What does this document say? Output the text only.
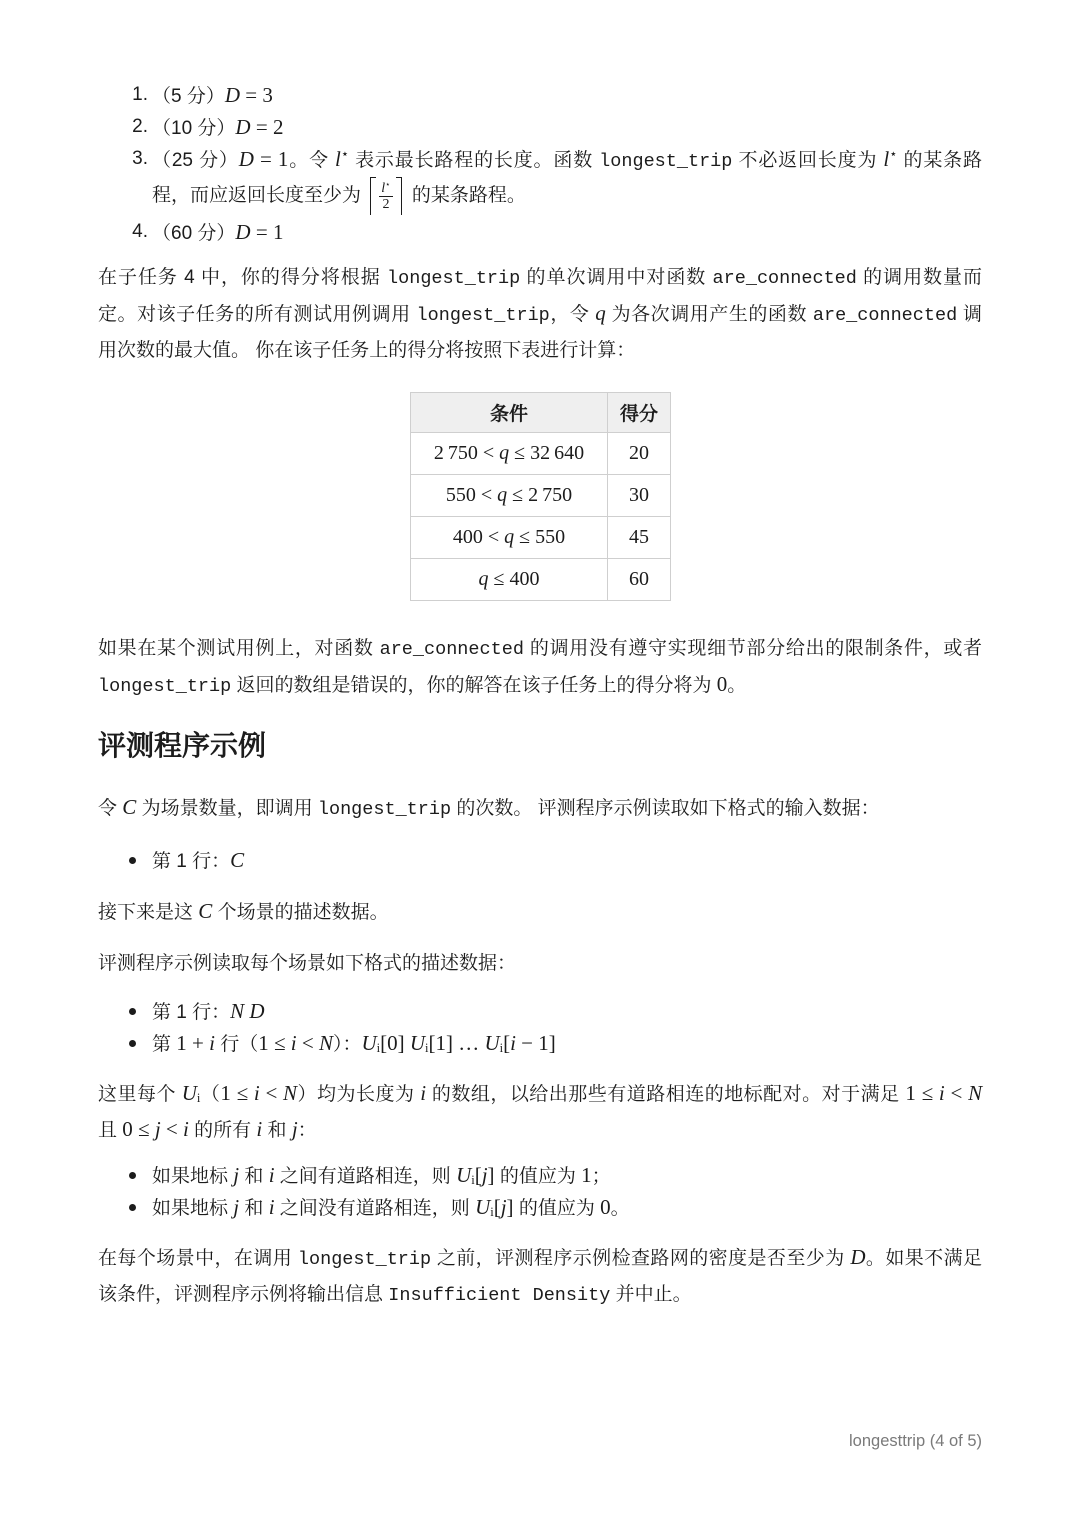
1. （5 分）D = 3
2. （10 分）D = 2
3. （25 分）D = 1。令 l⋆ 表示最长路程的长度。函数 longest_trip 不必返回长度为 l⋆ 的某条路程，而应返回长度至少为 $\frac{l^⋆}{2}$ 的某条路程。
4. （60 分）D = 1
在子任务 4 中，你的得分将根据 longest_trip 的单次调用中对函数 are_connected 的调用数量而定。对该子任务的所有测试用例调用 longest_trip，令 q 为各次调用产生的函数 are_connected 调用次数的最大值。 你在该子任务上的得分将按照下表进行计算：
条件	得分
2  750 < q ≤ 32  640	20
550 < q ≤ 2  750	30
400 < q ≤ 550	45
q ≤ 400	60
如果在某个测试用例上，对函数 are_connected 的调用没有遵守实现细节部分给出的限制条件，或者 longest_trip 返回的数组是错误的，你的解答在该子任务上的得分将为 0。
评测程序示例
令 C 为场景数量，即调用 longest_trip 的次数。 评测程序示例读取如下格式的输入数据：
第 1 行：C
接下来是这 C 个场景的描述数据。
评测程序示例读取每个场景如下格式的描述数据：
第 1 行：N D
第 1 + i 行（1 ≤ i < N）：Uᵢ[0] Uᵢ[1] … Uᵢ[i − 1]
这里每个 Uᵢ（1 ≤ i < N）均为长度为 i 的数组，以给出那些有道路相连的地标配对。对于满足 1 ≤ i < N 且 0 ≤ j < i 的所有 i 和 j：
如果地标 j 和 i 之间有道路相连，则 Uᵢ[j] 的值应为 1；
如果地标 j 和 i 之间没有道路相连，则 Uᵢ[j] 的值应为 0。
在每个场景中，在调用 longest_trip 之前，评测程序示例检查路网的密度是否至少为 D。如果不满足该条件，评测程序示例将输出信息 Insufficient Density 并中止。
longesttrip (4 of 5)
